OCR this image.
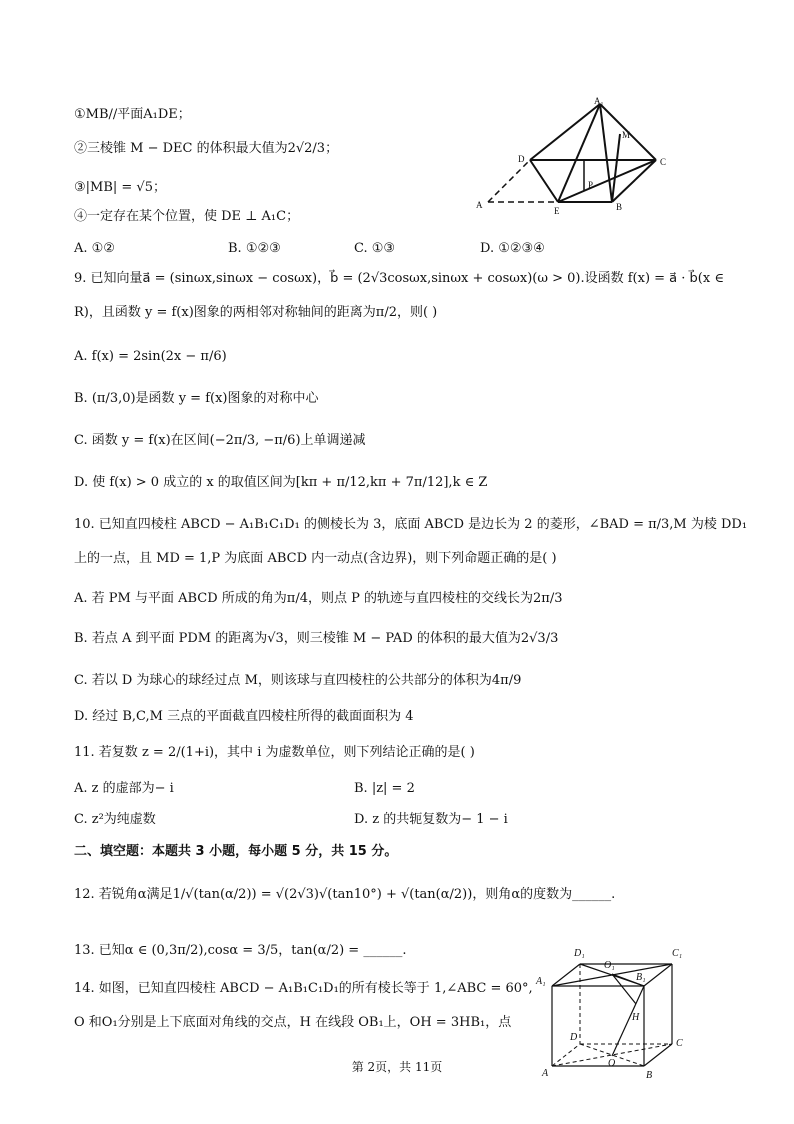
①MB//平面A₁DE；
②三棱锥 M − DEC 的体积最大值为2√2/3；
③|MB| = √5；
④一定存在某个位置，使 DE ⊥ A₁C；
A. ①②	B. ①②③	C. ①③	D. ①②③④
A₁
M
D	C
P
A
E	B
9. 已知向量a⃗ = (sinωx,sinωx − cosωx)，b⃗ = (2√3cosωx,sinωx + cosωx)(ω > 0).设函数 f(x) = a⃗ · b⃗(x ∈
R)，且函数 y = f(x)图象的两相邻对称轴间的距离为π/2，则( )
A. f(x) = 2sin(2x − π/6)
B. (π/3,0)是函数 y = f(x)图象的对称中心
C. 函数 y = f(x)在区间(−2π/3, −π/6)上单调递减
D. 使 f(x) > 0 成立的 x 的取值区间为[kπ + π/12,kπ + 7π/12],k ∈ Z
10. 已知直四棱柱 ABCD − A₁B₁C₁D₁ 的侧棱长为 3，底面 ABCD 是边长为 2 的菱形，∠BAD = π/3,M 为棱 DD₁
上的一点，且 MD = 1,P 为底面 ABCD 内一动点(含边界)，则下列命题正确的是( )
A. 若 PM 与平面 ABCD 所成的角为π/4，则点 P 的轨迹与直四棱柱的交线长为2π/3
B. 若点 A 到平面 PDM 的距离为√3，则三棱锥 M − PAD 的体积的最大值为2√3/3
C. 若以 D 为球心的球经过点 M，则该球与直四棱柱的公共部分的体积为4π/9
D. 经过 B,C,M 三点的平面截直四棱柱所得的截面面积为 4
11. 若复数 z = 2/(1+i)，其中 i 为虚数单位，则下列结论正确的是( )
A. z 的虚部为− i	B. |z| = 2
C. z²为纯虚数	D. z 的共轭复数为− 1 − i
二、填空题：本题共 3 小题，每小题 5 分，共 15 分。
12. 若锐角α满足1/√(tan(α/2)) = √(2√3)√(tan10°) + √(tan(α/2))，则角α的度数为______.
13. 已知α ∈ (0,3π/2),cosα = 3/5，tan(α/2) = ______.
14. 如图，已知直四棱柱 ABCD − A₁B₁C₁D₁的所有棱长等于 1,∠ABC = 60°,
O 和O₁分别是上下底面对角线的交点，H 在线段 OB₁上，OH = 3HB₁，点
D₁	C₁
O₁
A₁	B₁
H
D
C
O
A	B
第 2页，共 11页
